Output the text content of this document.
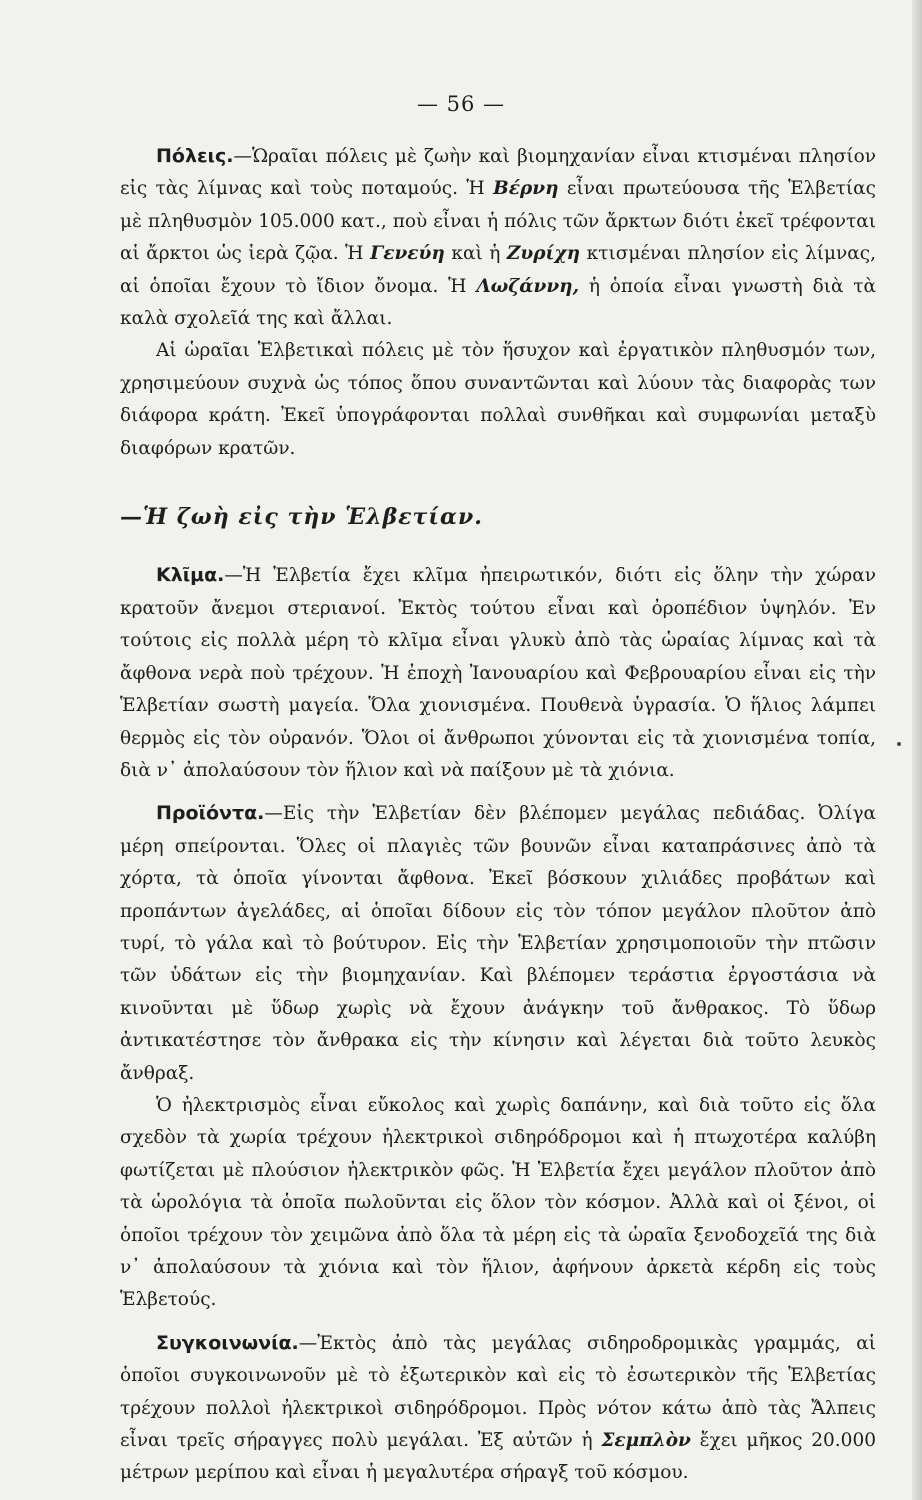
— 56 —

Πόλεις.—Ὡραῖαι πόλεις μὲ ζωὴν καὶ βιομηχανίαν εἶναι κτισμέναι πλησίον εἰς τὰς λίμνας καὶ τοὺς ποταμούς. Ἡ Βέρνη εἶναι πρωτεύουσα τῆς Ἑλβετίας μὲ πληθυσμὸν 105.000 κατ., ποὺ εἶναι ἡ πόλις τῶν ἄρκτων διότι ἐκεῖ τρέφονται αἱ ἄρκτοι ὡς ἱερὰ ζῷα. Ἡ Γενεύη καὶ ἡ Ζυρίχη κτισμέναι πλησίον εἰς λίμνας, αἱ ὁποῖαι ἔχουν τὸ ἴδιον ὄνομα. Ἡ Λωζάννη, ἡ ὁποία εἶναι γνωστὴ διὰ τὰ καλὰ σχολεῖά της καὶ ἄλλαι.

Αἱ ὡραῖαι Ἑλβετικαὶ πόλεις μὲ τὸν ἥσυχον καὶ ἐργατικὸν πληθυσμόν των, χρησιμεύουν συχνὰ ὡς τόπος ὅπου συναντῶνται καὶ λύουν τὰς διαφορὰς των διάφορα κράτη. Ἐκεῖ ὑπογράφονται πολλαὶ συνθῆκαι καὶ συμφωνίαι μεταξὺ διαφόρων κρατῶν.

—Ἡ ζωὴ εἰς τὴν Ἑλβετίαν.

Κλῖμα.—Ἡ Ἑλβετία ἔχει κλῖμα ἠπειρωτικόν, διότι εἰς ὅλην τὴν χώραν κρατοῦν ἄνεμοι στεριανοί. Ἐκτὸς τούτου εἶναι καὶ ὀροπέδιον ὑψηλόν. Ἐν τούτοις εἰς πολλὰ μέρη τὸ κλῖμα εἶναι γλυκὺ ἀπὸ τὰς ὡραίας λίμνας καὶ τὰ ἄφθονα νερὰ ποὺ τρέχουν. Ἡ ἐποχὴ Ἰανουαρίου καὶ Φεβρουαρίου εἶναι εἰς τὴν Ἑλβετίαν σωστὴ μαγεία. Ὅλα χιονισμένα. Πουθενὰ ὑγρασία. Ὁ ἥλιος λάμπει θερμὸς εἰς τὸν οὐρανόν. Ὅλοι οἱ ἄνθρωποι χύνονται εἰς τὰ χιονισμένα τοπία, διὰ ν᾿ ἀπολαύσουν τὸν ἥλιον καὶ νὰ παίξουν μὲ τὰ χιόνια.

Προϊόντα.—Εἰς τὴν Ἑλβετίαν δὲν βλέπομεν μεγάλας πεδιάδας. Ὀλίγα μέρη σπείρονται. Ὅλες οἱ πλαγιὲς τῶν βουνῶν εἶναι καταπράσινες ἀπὸ τὰ χόρτα, τὰ ὁποῖα γίνονται ἄφθονα. Ἐκεῖ βόσκουν χιλιάδες προβάτων καὶ προπάντων ἀγελάδες, αἱ ὁποῖαι δίδουν εἰς τὸν τόπον μεγάλον πλοῦτον ἀπὸ τυρί, τὸ γάλα καὶ τὸ βούτυρον. Εἰς τὴν Ἑλβετίαν χρησιμοποιοῦν τὴν πτῶσιν τῶν ὑδάτων εἰς τὴν βιομηχανίαν. Καὶ βλέπομεν τεράστια ἐργοστάσια νὰ κινοῦνται μὲ ὕδωρ χωρὶς νὰ ἔχουν ἀνάγκην τοῦ ἄνθρακος. Τὸ ὕδωρ ἀντικατέστησε τὸν ἄνθρακα εἰς τὴν κίνησιν καὶ λέγεται διὰ τοῦτο λευκὸς ἄνθραξ.

Ὁ ἠλεκτρισμὸς εἶναι εὔκολος καὶ χωρὶς δαπάνην, καὶ διὰ τοῦτο εἰς ὅλα σχεδὸν τὰ χωρία τρέχουν ἠλεκτρικοὶ σιδηρόδρομοι καὶ ἡ πτωχοτέρα καλύβη φωτίζεται μὲ πλούσιον ἠλεκτρικὸν φῶς. Ἡ Ἑλβετία ἔχει μεγάλον πλοῦτον ἀπὸ τὰ ὡρολόγια τὰ ὁποῖα πωλοῦνται εἰς ὅλον τὸν κόσμον. Ἀλλὰ καὶ οἱ ξένοι, οἱ ὁποῖοι τρέχουν τὸν χειμῶνα ἀπὸ ὅλα τὰ μέρη εἰς τὰ ὡραῖα ξενοδοχεῖά της διὰ ν᾿ ἀπολαύσουν τὰ χιόνια καὶ τὸν ἥλιον, ἀφήνουν ἀρκετὰ κέρδη εἰς τοὺς Ἑλβετούς.

Συγκοινωνία.—Ἐκτὸς ἀπὸ τὰς μεγάλας σιδηροδρομικὰς γραμμάς, αἱ ὁποῖοι συγκοινωνοῦν μὲ τὸ ἐξωτερικὸν καὶ εἰς τὸ ἐσωτερικὸν τῆς Ἑλβετίας τρέχουν πολλοὶ ἠλεκτρικοὶ σιδηρόδρομοι. Πρὸς νότον κάτω ἀπὸ τὰς Ἄλπεις εἶναι τρεῖς σήραγγες πολὺ μεγάλαι. Ἐξ αὐτῶν ἡ Σεμπλὸν ἔχει μῆκος 20.000 μέτρων μερίπου καὶ εἶναι ἡ μεγαλυτέρα σήραγξ τοῦ κόσμου.
